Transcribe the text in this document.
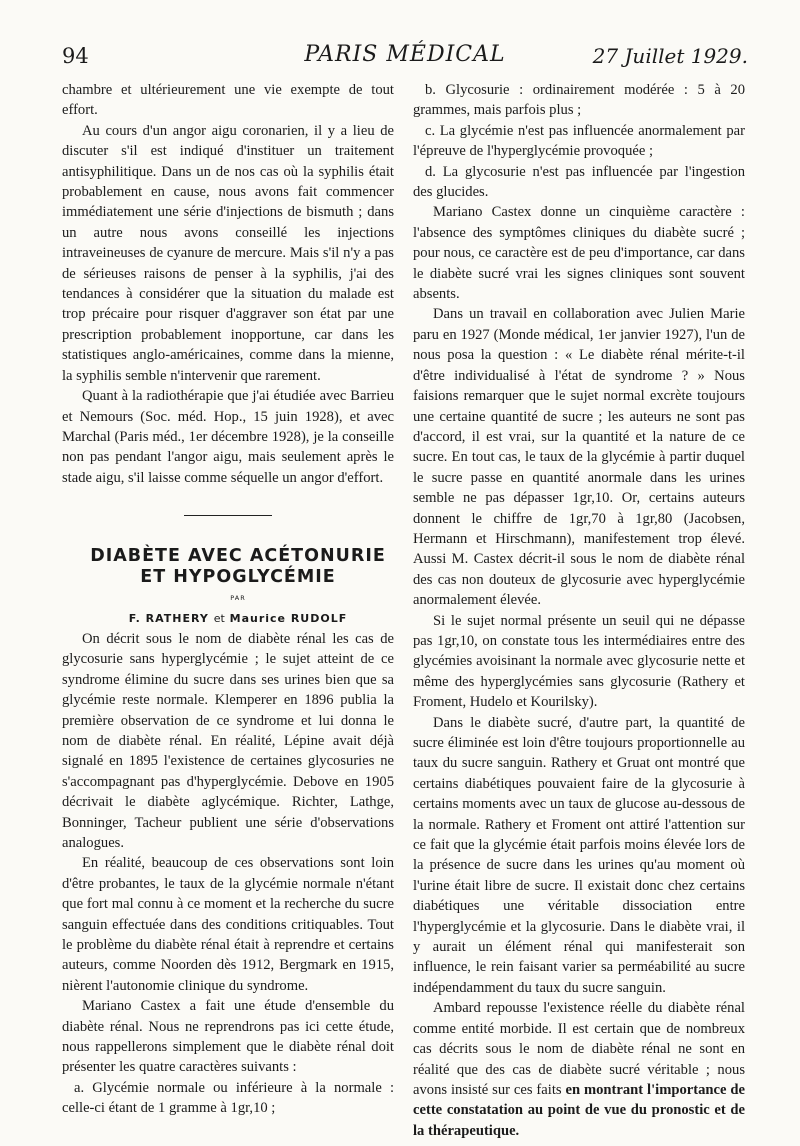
94	PARIS MÉDICAL	27 Juillet 1929.

chambre et ultérieurement une vie exempte de tout effort.

Au cours d'un angor aigu coronarien, il y a lieu de discuter s'il est indiqué d'instituer un traitement antisyphilitique. Dans un de nos cas où la syphilis était probablement en cause, nous avons fait commencer immédiatement une série d'injections de bismuth ; dans un autre nous avons conseillé les injections intraveineuses de cyanure de mercure. Mais s'il n'y a pas de sérieuses raisons de penser à la syphilis, j'ai des tendances à considérer que la situation du malade est trop précaire pour risquer d'aggraver son état par une prescription probablement inopportune, car dans les statistiques anglo-américaines, comme dans la mienne, la syphilis semble n'intervenir que rarement.

Quant à la radiothérapie que j'ai étudiée avec Barrieu et Nemours (Soc. méd. Hop., 15 juin 1928), et avec Marchal (Paris méd., 1er décembre 1928), je la conseille non pas pendant l'angor aigu, mais seulement après le stade aigu, s'il laisse comme séquelle un angor d'effort.

DIABÈTE AVEC ACÉTONURIE

ET HYPOGLYCÉMIE

PAR

F. RATHERY et Maurice RUDOLF

On décrit sous le nom de diabète rénal les cas de glycosurie sans hyperglycémie ; le sujet atteint de ce syndrome élimine du sucre dans ses urines bien que sa glycémie reste normale. Klemperer en 1896 publia la première observation de ce syndrome et lui donna le nom de diabète rénal. En réalité, Lépine avait déjà signalé en 1895 l'existence de certaines glycosuries ne s'accompagnant pas d'hyperglycémie. Debove en 1905 décrivait le diabète aglycémique. Richter, Lathge, Bonninger, Tacheur publient une série d'observations analogues.

En réalité, beaucoup de ces observations sont loin d'être probantes, le taux de la glycémie normale n'étant que fort mal connu à ce moment et la recherche du sucre sanguin effectuée dans des conditions critiquables. Tout le problème du diabète rénal était à reprendre et certains auteurs, comme Noorden dès 1912, Bergmark en 1915, nièrent l'autonomie clinique du syndrome.

Mariano Castex a fait une étude d'ensemble du diabète rénal. Nous ne reprendrons pas ici cette étude, nous rappellerons simplement que le diabète rénal doit présenter les quatre caractères suivants :

a. Glycémie normale ou inférieure à la normale : celle-ci étant de 1 gramme à 1gr,10 ;

b. Glycosurie : ordinairement modérée : 5 à 20 grammes, mais parfois plus ;

c. La glycémie n'est pas influencée anormalement par l'épreuve de l'hyperglycémie provoquée ;

d. La glycosurie n'est pas influencée par l'ingestion des glucides.

Mariano Castex donne un cinquième caractère : l'absence des symptômes cliniques du diabète sucré ; pour nous, ce caractère est de peu d'importance, car dans le diabète sucré vrai les signes cliniques sont souvent absents.

Dans un travail en collaboration avec Julien Marie paru en 1927 (Monde médical, 1er janvier 1927), l'un de nous posa la question : « Le diabète rénal mérite-t-il d'être individualisé à l'état de syndrome ? » Nous faisions remarquer que le sujet normal excrète toujours une certaine quantité de sucre ; les auteurs ne sont pas d'accord, il est vrai, sur la quantité et la nature de ce sucre. En tout cas, le taux de la glycémie à partir duquel le sucre passe en quantité anormale dans les urines semble ne pas dépasser 1gr,10. Or, certains auteurs donnent le chiffre de 1gr,70 à 1gr,80 (Jacobsen, Hermann et Hirschmann), manifestement trop élevé. Aussi M. Castex décrit-il sous le nom de diabète rénal des cas non douteux de glycosurie avec hyperglycémie anormalement élevée.

Si le sujet normal présente un seuil qui ne dépasse pas 1gr,10, on constate tous les intermédiaires entre des glycémies avoisinant la normale avec glycosurie nette et même des hyperglycémies sans glycosurie (Rathery et Froment, Hudelo et Kourilsky).

Dans le diabète sucré, d'autre part, la quantité de sucre éliminée est loin d'être toujours proportionnelle au taux du sucre sanguin. Rathery et Gruat ont montré que certains diabétiques pouvaient faire de la glycosurie à certains moments avec un taux de glucose au-dessous de la normale. Rathery et Froment ont attiré l'attention sur ce fait que la glycémie était parfois moins élevée lors de la présence de sucre dans les urines qu'au moment où l'urine était libre de sucre. Il existait donc chez certains diabétiques une véritable dissociation entre l'hyperglycémie et la glycosurie. Dans le diabète vrai, il y aurait un élément rénal qui manifesterait son influence, le rein faisant varier sa perméabilité au sucre indépendamment du taux du sucre sanguin.

Ambard repousse l'existence réelle du diabète rénal comme entité morbide. Il est certain que de nombreux cas décrits sous le nom de diabète rénal ne sont en réalité que des cas de diabète sucré véritable ; nous avons insisté sur ces faits en montrant l'importance de cette constatation au point de vue du pronostic et de la thérapeutique.
